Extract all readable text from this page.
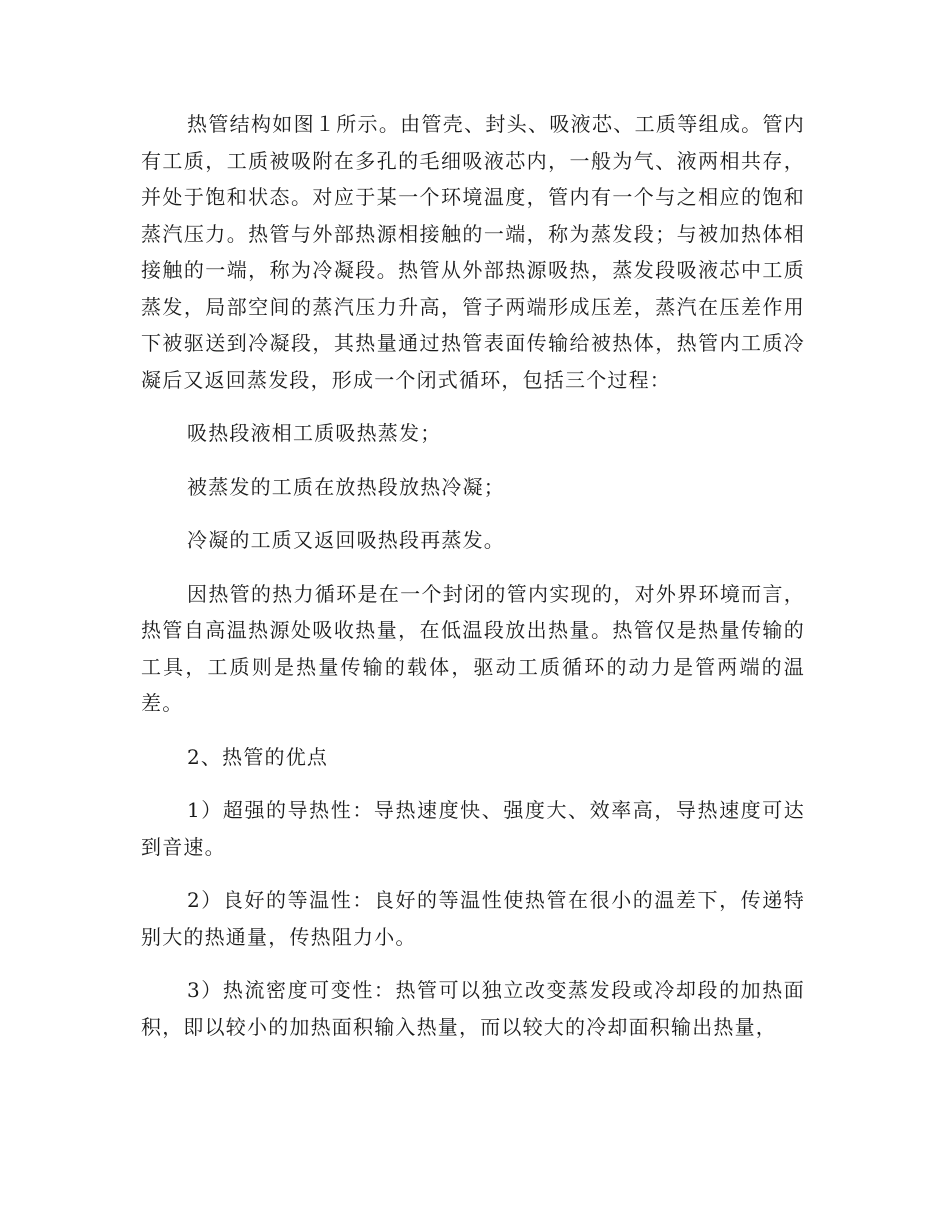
热管结构如图１所示。由管壳、封头、吸液芯、工质等组成。管内有工质，工质被吸附在多孔的毛细吸液芯内，一般为气、液两相共存，并处于饱和状态。对应于某一个环境温度，管内有一个与之相应的饱和蒸汽压力。热管与外部热源相接触的一端，称为蒸发段；与被加热体相接触的一端，称为冷凝段。热管从外部热源吸热，蒸发段吸液芯中工质蒸发，局部空间的蒸汽压力升高，管子两端形成压差，蒸汽在压差作用下被驱送到冷凝段，其热量通过热管表面传输给被热体，热管内工质冷凝后又返回蒸发段，形成一个闭式循环，包括三个过程：

吸热段液相工质吸热蒸发；

被蒸发的工质在放热段放热冷凝；

冷凝的工质又返回吸热段再蒸发。

因热管的热力循环是在一个封闭的管内实现的，对外界环境而言，热管自高温热源处吸收热量，在低温段放出热量。热管仅是热量传输的工具，工质则是热量传输的载体，驱动工质循环的动力是管两端的温差。

2、热管的优点

1）超强的导热性：导热速度快、强度大、效率高，导热速度可达到音速。

2）良好的等温性：良好的等温性使热管在很小的温差下，传递特别大的热通量，传热阻力小。

3）热流密度可变性：热管可以独立改变蒸发段或冷却段的加热面积，即以较小的加热面积输入热量，而以较大的冷却面积输出热量，
